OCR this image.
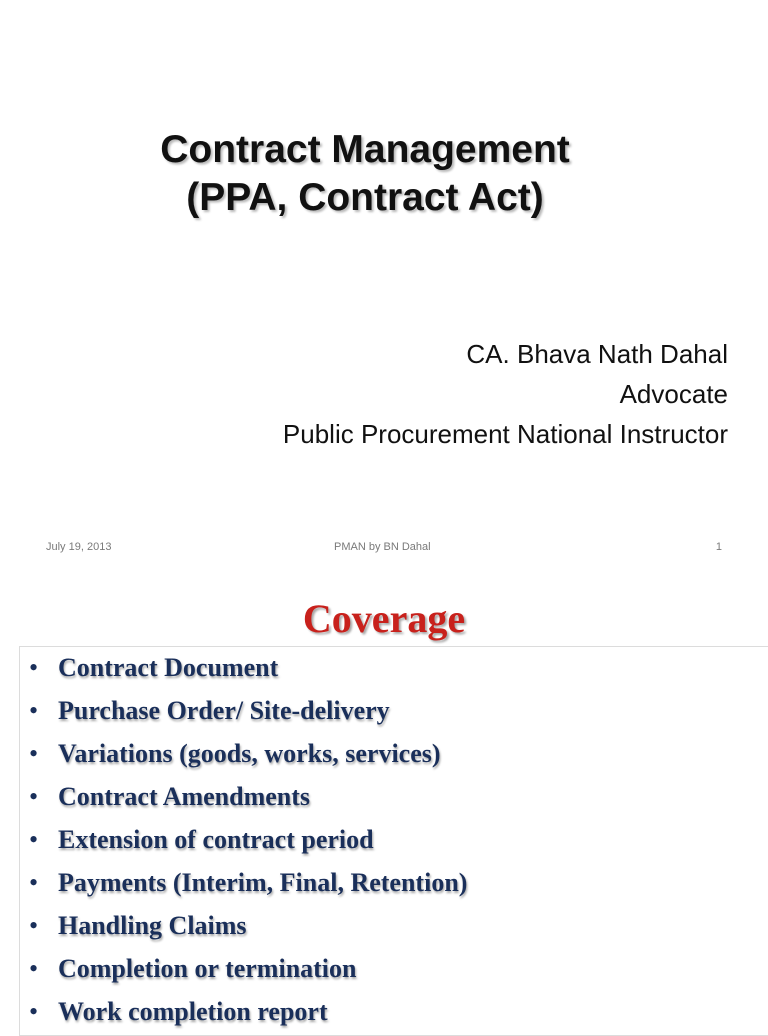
Contract Management
(PPA, Contract Act)
CA. Bhava Nath Dahal
Advocate
Public Procurement National Instructor
July 19, 2013	PMAN by BN Dahal	1
Coverage
• Contract Document
• Purchase Order/ Site-delivery
• Variations (goods, works, services)
• Contract Amendments
• Extension of contract period
• Payments (Interim, Final, Retention)
• Handling Claims
• Completion or termination
• Work completion report
